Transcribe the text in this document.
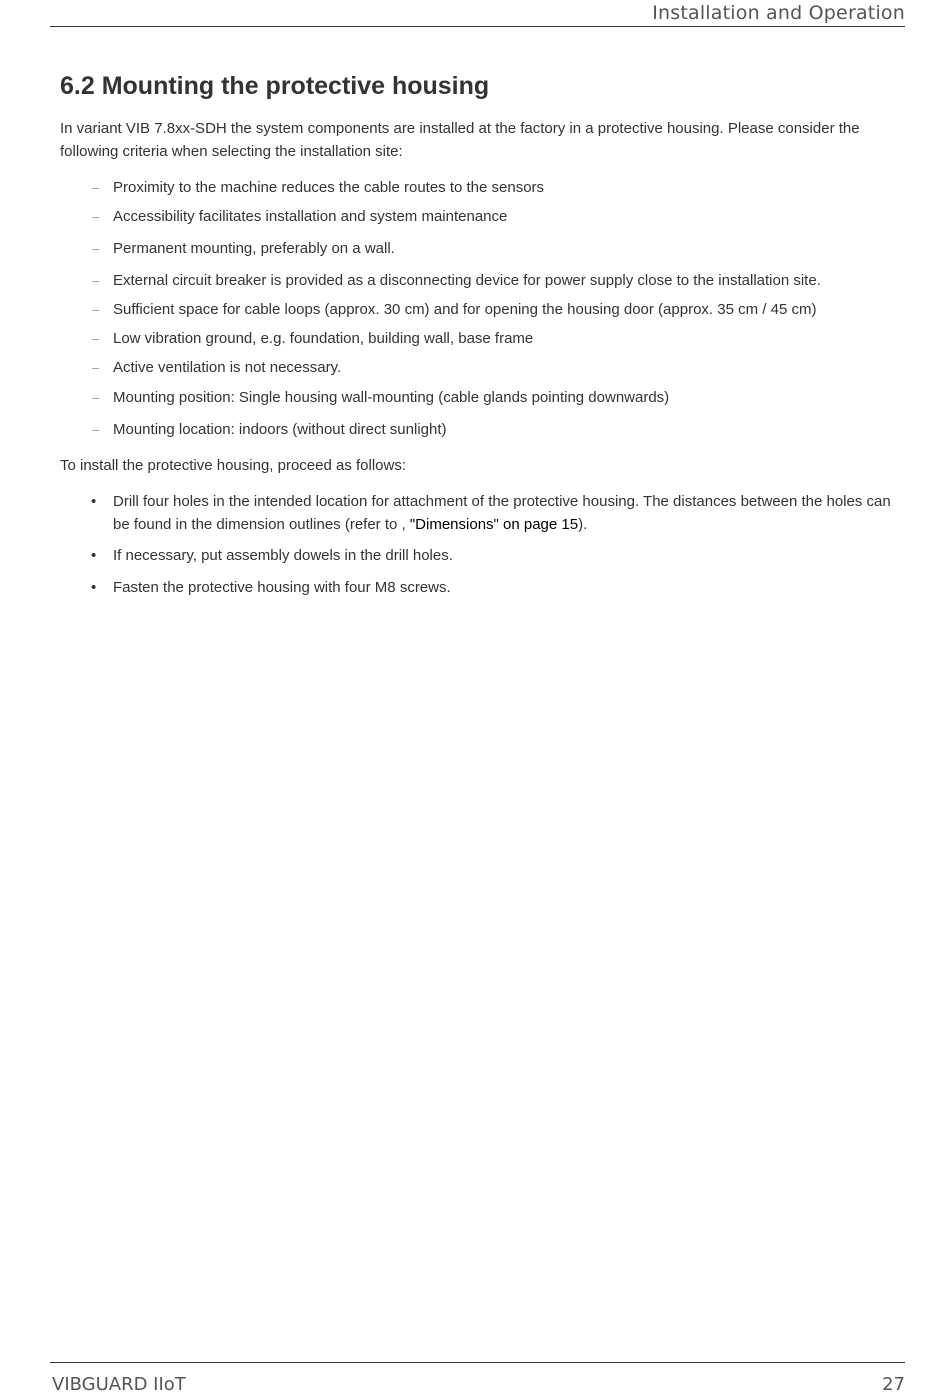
Installation and Operation
6.2 Mounting the protective housing

In variant VIB 7.8xx-SDH the system components are installed at the factory in a protective housing. Please consider the following criteria when selecting the installation site:

– Proximity to the machine reduces the cable routes to the sensors
– Accessibility facilitates installation and system maintenance
– Permanent mounting, preferably on a wall.
– External circuit breaker is provided as a disconnecting device for power supply close to the installation site.
– Sufficient space for cable loops (approx. 30 cm) and for opening the housing door (approx. 35 cm / 45 cm)
– Low vibration ground, e.g. foundation, building wall, base frame
– Active ventilation is not necessary.
– Mounting position: Single housing wall-mounting (cable glands pointing downwards)
– Mounting location: indoors (without direct sunlight)

To install the protective housing, proceed as follows:

• Drill four holes in the intended location for attachment of the protective housing. The distances between the holes can be found in the dimension outlines (refer to , "Dimensions" on page 15).
• If necessary, put assembly dowels in the drill holes.
• Fasten the protective housing with four M8 screws.
VIBGUARD IIoT	27
